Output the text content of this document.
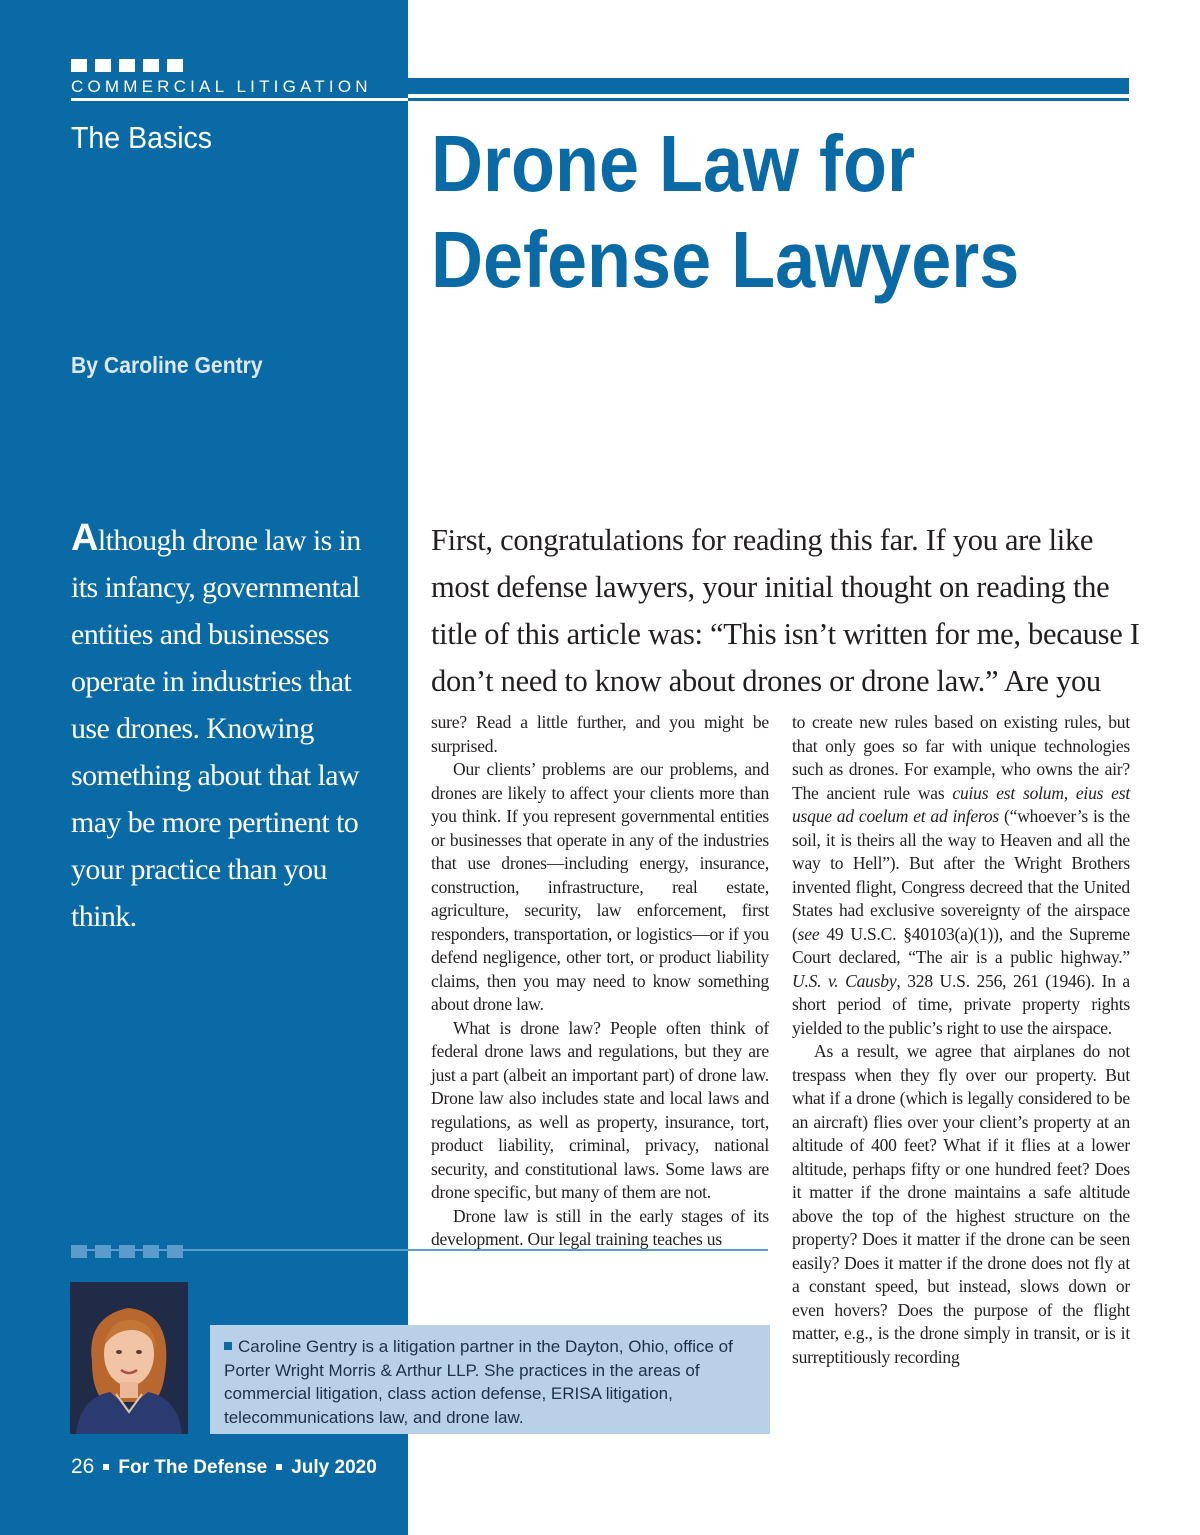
COMMERCIAL LITIGATION
The Basics	Drone Law for
Defense Lawyers
By Caroline Gentry
Although drone law is in its infancy, governmental entities and businesses operate in industries that use drones. Knowing something about that law may be more pertinent to your practice than you think.
First, congratulations for reading this far. If you are like
most defense lawyers, your initial thought on reading the
title of this article was: “This isn’t written for me, because I
don’t need to know about drones or drone law.” Are you

sure? Read a little further, and you might be surprised.

Our clients’ problems are our problems, and drones are likely to affect your clients more than you think. If you represent governmental entities or businesses that operate in any of the industries that use drones—including energy, insurance, construction, infrastructure, real estate, agriculture, security, law enforcement, first responders, transportation, or logistics—or if you defend negligence, other tort, or product liability claims, then you may need to know something about drone law.

What is drone law? People often think of federal drone laws and regulations, but they are just a part (albeit an important part) of drone law. Drone law also includes state and local laws and regulations, as well as property, insurance, tort, product liability, criminal, privacy, national security, and constitutional laws. Some laws are drone specific, but many of them are not.

Drone law is still in the early stages of its development. Our legal training teaches us

to create new rules based on existing rules, but that only goes so far with unique technologies such as drones. For example, who owns the air? The ancient rule was cuius est solum, eius est usque ad coelum et ad inferos (“whoever’s is the soil, it is theirs all the way to Heaven and all the way to Hell”). But after the Wright Brothers invented flight, Congress decreed that the United States had exclusive sovereignty of the airspace (see 49 U.S.C. §40103(a)(1)), and the Supreme Court declared, “The air is a public highway.” U.S. v. Causby, 328 U.S. 256, 261 (1946). In a short period of time, private property rights yielded to the public’s right to use the airspace.

As a result, we agree that airplanes do not trespass when they fly over our property. But what if a drone (which is legally considered to be an aircraft) flies over your client’s property at an altitude of 400 feet? What if it flies at a lower altitude, perhaps fifty or one hundred feet? Does it matter if the drone maintains a safe altitude above the top of the highest structure on the property? Does it matter if the drone can be seen easily? Does it matter if the drone does not fly at a constant speed, but instead, slows down or even hovers? Does the purpose of the flight matter, e.g., is the drone simply in transit, or is it surreptitiously recording

Caroline Gentry is a litigation partner in the Dayton, Ohio, office of Porter Wright Morris & Arthur LLP. She practices in the areas of commercial litigation, class action defense, ERISA litigation, telecommunications law, and drone law.
26 For The Defense July 2020
